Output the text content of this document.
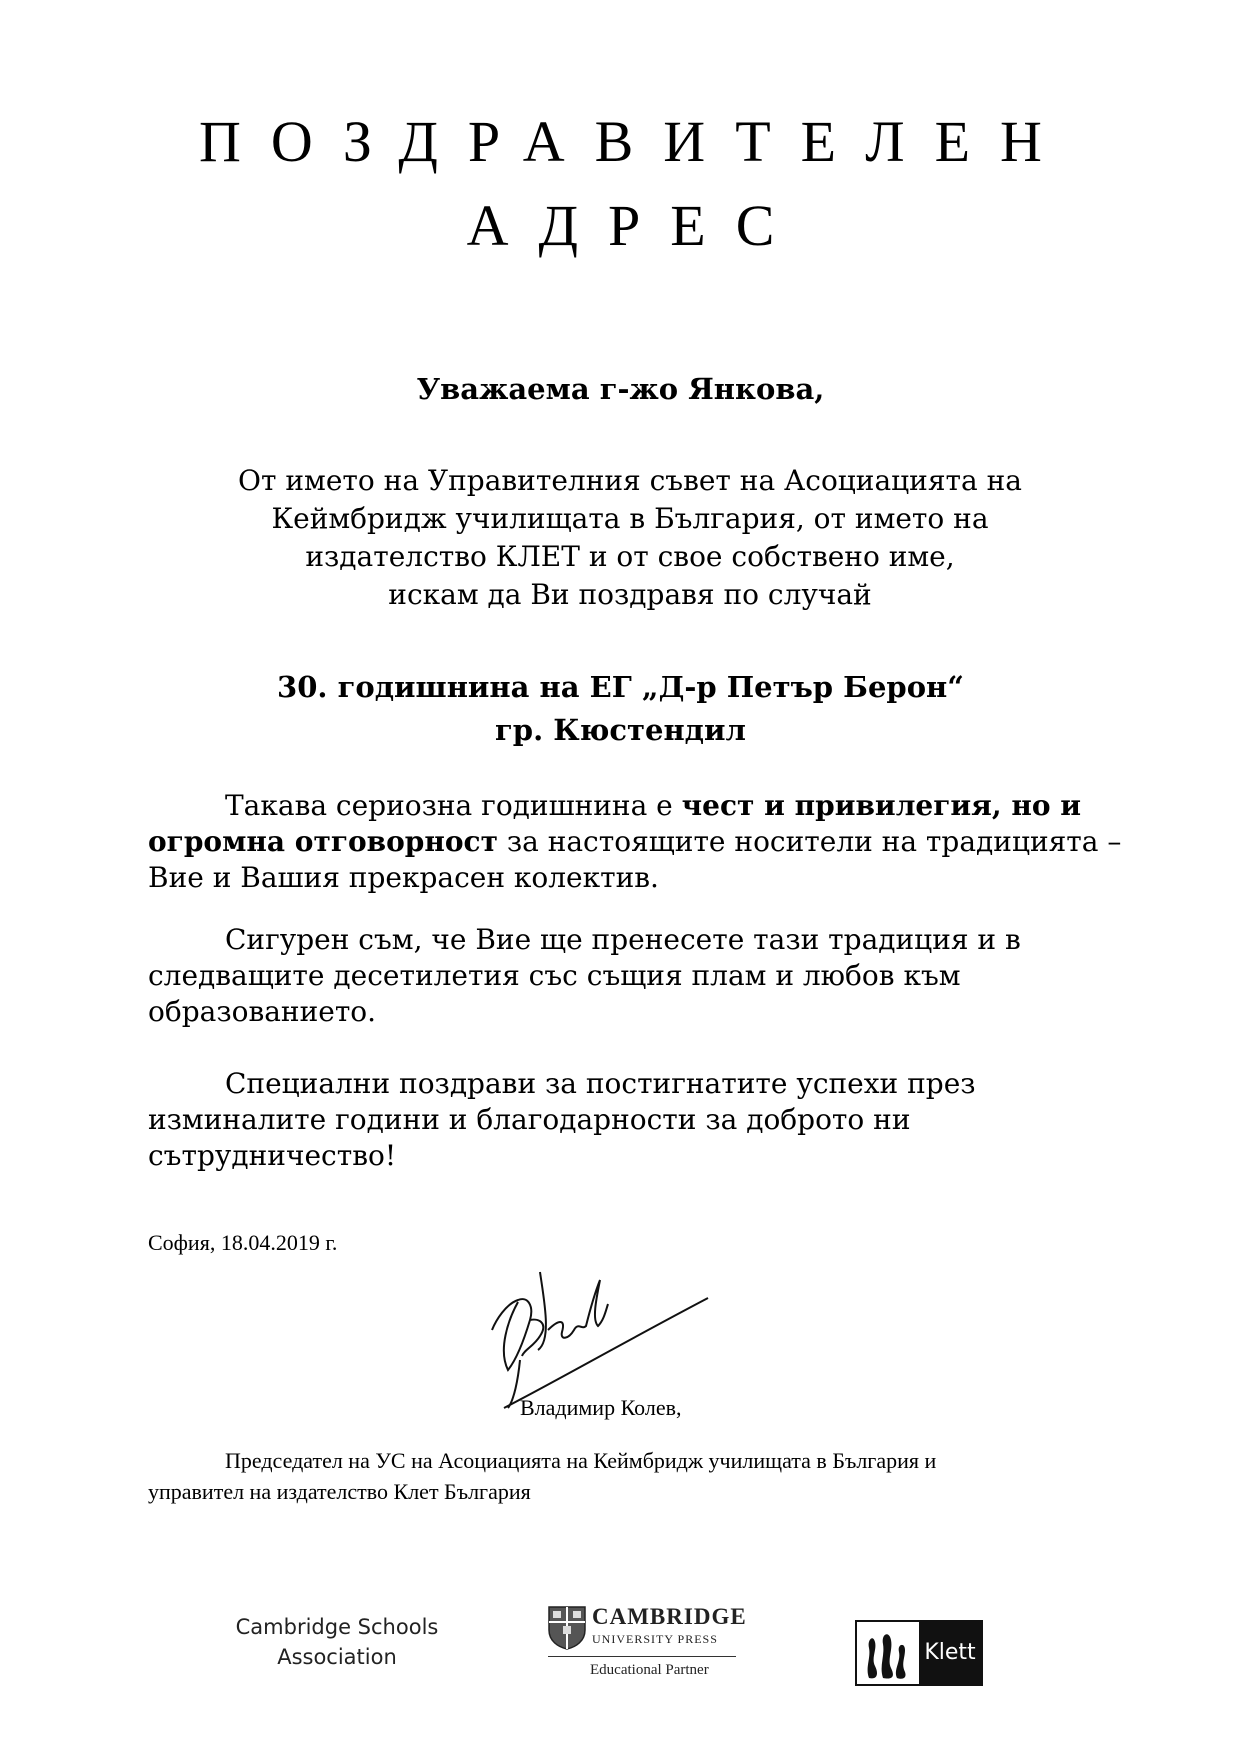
ПОЗДРАВИТЕЛЕН
АДРЕС
Уважаема г-жо Янкова,
От името на Управителния съвет на Асоциацията на
Кеймбридж училищата в България, от името на
издателство КЛЕТ и от свое собствено име,
искам да Ви поздравя по случай
30. годишнина на ЕГ „Д-р Петър Берон“
гр. Кюстендил
Такава сериозна годишнина е чест и привилегия, но и
огромна отговорност за настоящите носители на традицията –
Вие и Вашия прекрасен колектив.
Сигурен съм, че Вие ще пренесете тази традиция и в
следващите десетилетия със същия плам и любов към
образованието.
Специални поздрави за постигнатите успехи през
изминалите години и благодарности за доброто ни
сътрудничество!
София, 18.04.2019 г.
Владимир Колев,
Председател на УС на Асоциацията на Кеймбридж училищата в България и
управител на издателство Клет България
Cambridge Schools
Association
CAMBRIDGE
UNIVERSITY PRESS
Educational Partner
Klett
